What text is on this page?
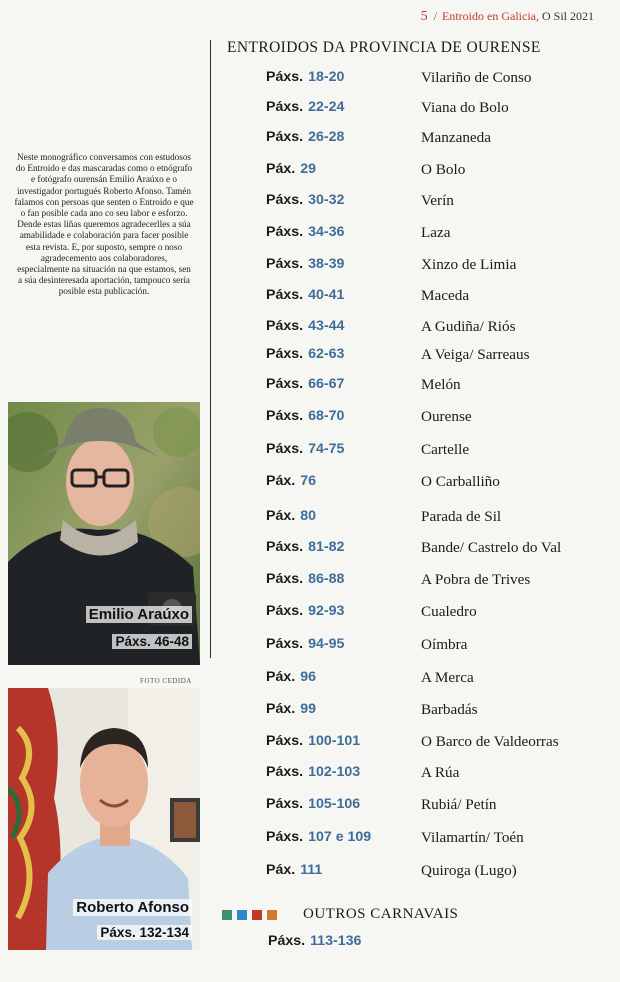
5 / Entroido en Galicia, O Sil 2021
Neste monográfico conversamos con estudosos do Entroido e das mascaradas como o etnógrafo e fotógrafo ourensán Emilio Araúxo e o investigador portugués Roberto Afonso. Tamén falamos con persoas que senten o Entroido e que o fan posible cada ano co seu labor e esforzo. Dende estas liñas queremos agradecerlles a súa amabilidade e colaboración para facer posible esta revista. E, por suposto, sempre o noso agradecemento aos colaboradores, especialmente na situación na que estamos, sen a súa desinteresada aportación, tampouco sería posible esta publicación.
Emilio Araúxo
Páxs. 46-48
FOTO CEDIDA
Roberto Afonso
Páxs. 132-134
ENTROIDOS DA PROVINCIA DE OURENSE
Páxs. 18-20	Vilariño de Conso
Páxs. 22-24	Viana do Bolo
Páxs. 26-28	Manzaneda
Páx. 29	O Bolo
Páxs. 30-32	Verín
Páxs. 34-36	Laza
Páxs. 38-39	Xinzo de Limia
Páxs. 40-41	Maceda
Páxs. 43-44	A Gudiña/ Riós
Páxs. 62-63	A Veiga/ Sarreaus
Páxs. 66-67	Melón
Páxs. 68-70	Ourense
Páxs. 74-75	Cartelle
Páx. 76	O Carballiño
Páx. 80	Parada de Sil
Páxs. 81-82	Bande/ Castrelo do Val
Páxs. 86-88	A Pobra de Trives
Páxs. 92-93	Cualedro
Páxs. 94-95	Oímbra
Páx. 96	A Merca
Páx. 99	Barbadás
Páxs. 100-101	O Barco de Valdeorras
Páxs. 102-103	A Rúa
Páxs. 105-106	Rubiá/ Petín
Páxs. 107 e 109	Vilamartín/ Toén
Páx. 111	Quiroga (Lugo)
OUTROS CARNAVAIS
Páxs. 113-136
